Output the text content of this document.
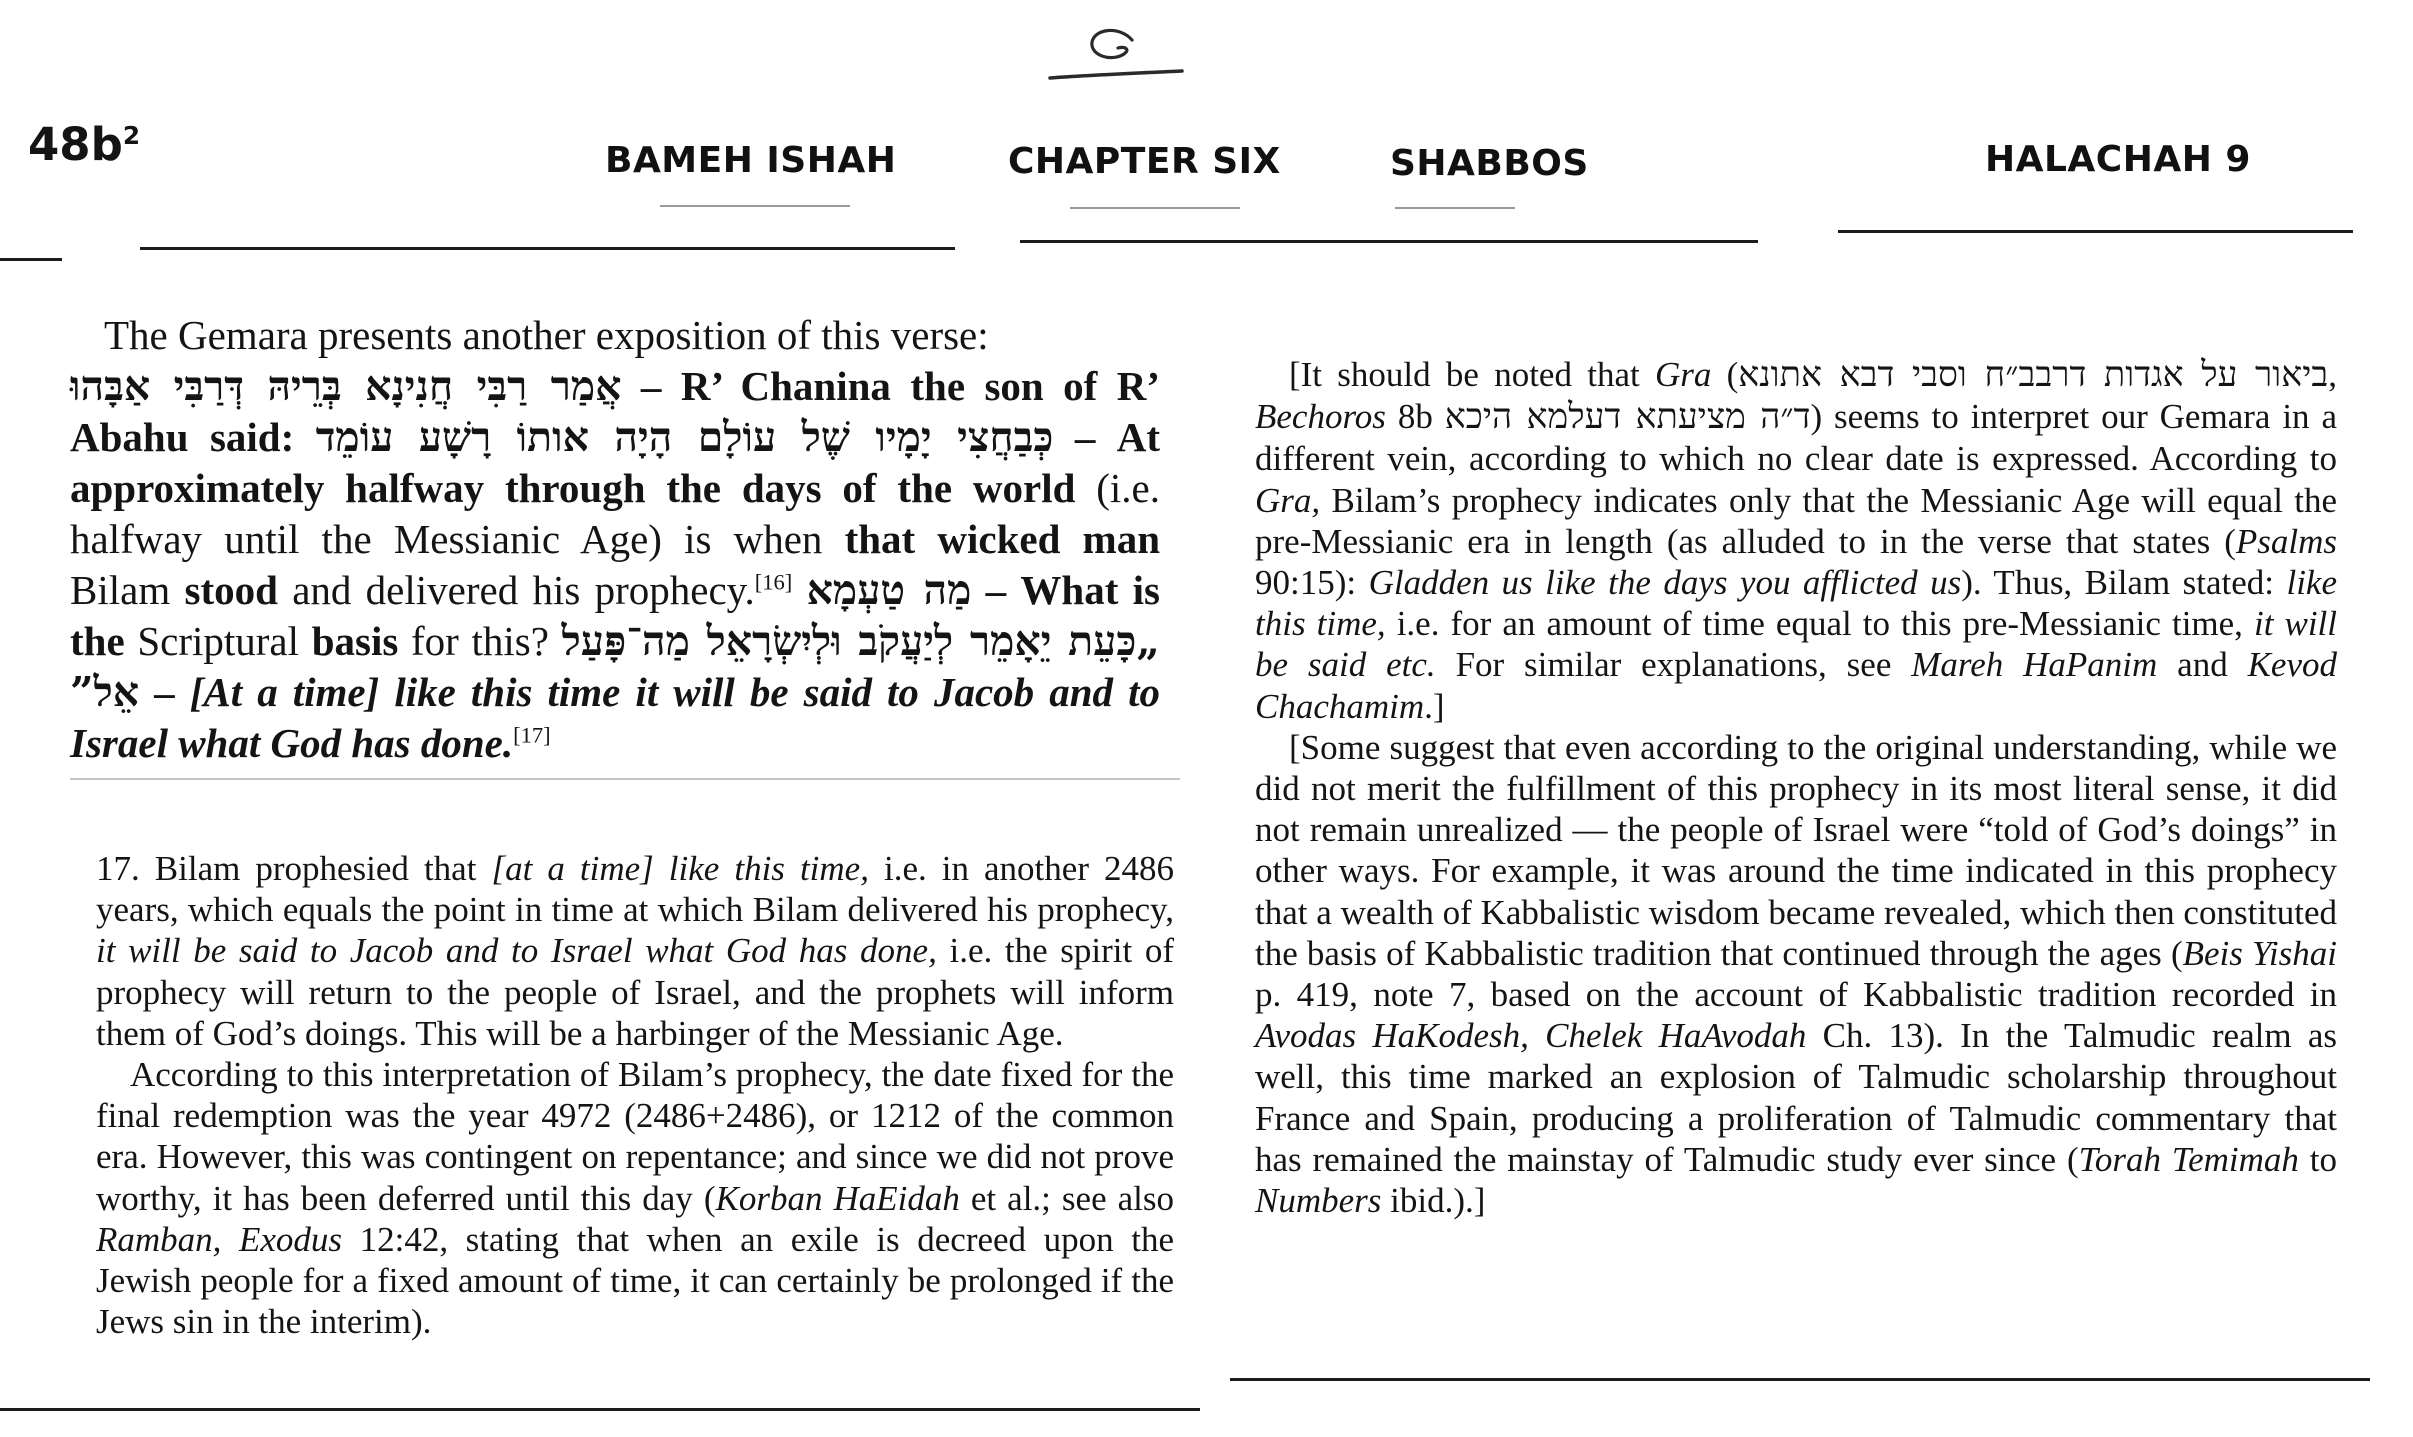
G
$48b^2$
BAMEH ISHAH	CHAPTER SIX	SHABBOS	HALACHAH 9

The Gemara presents another exposition of this verse:

אֲמַר רַבִּי חֲנִינָא בְּרֵיהּ דְּרַבִּי אַבָּהוּ – R’ Chanina the son of R’ Abahu said: כְּבַחֲצִי יָמָיו שֶׁל עוֹלָם הָיָה אותוֹ רָשָׁע עוֹמֵד – At approximately halfway through the days of the world (i.e. halfway until the Messianic Age) is when that wicked man Bilam stood and delivered his prophecy.[16] מַה טַעְמָא – What is the Scriptural basis for this? „כָּעֵת יֵאָמֵר לְיַעֲקֹב וּלְיִשְׂרָאֵל מַה־פָּעַל אֵל” – [At a time] like this time it will be said to Jacob and to Israel what God has done.[17]

17. Bilam prophesied that [at a time] like this time, i.e. in another 2486 years, which equals the point in time at which Bilam delivered his prophecy, it will be said to Jacob and to Israel what God has done, i.e. the spirit of prophecy will return to the people of Israel, and the prophets will inform them of God’s doings. This will be a harbinger of the Messianic Age.

According to this interpretation of Bilam’s prophecy, the date fixed for the final redemption was the year 4972 (2486+2486), or 1212 of the common era. However, this was contingent on repentance; and since we did not prove worthy, it has been deferred until this day (Korban HaEidah et al.; see also Ramban, Exodus 12:42, stating that when an exile is decreed upon the Jewish people for a fixed amount of time, it can certainly be prolonged if the Jews sin in the interim).

[It should be noted that Gra (ביאור על אגדות דרבב״ח וסבי דבא אתונא, Bechoros 8b ד״ה מציעתא דעלמא היכא) seems to interpret our Gemara in a different vein, according to which no clear date is expressed. According to Gra, Bilam’s prophecy indicates only that the Messianic Age will equal the pre-Messianic era in length (as alluded to in the verse that states (Psalms 90:15): Gladden us like the days you afflicted us). Thus, Bilam stated: like this time, i.e. for an amount of time equal to this pre-Messianic time, it will be said etc. For similar explanations, see Mareh HaPanim and Kevod Chachamim.]

[Some suggest that even according to the original understanding, while we did not merit the fulfillment of this prophecy in its most literal sense, it did not remain unrealized — the people of Israel were “told of God’s doings” in other ways. For example, it was around the time indicated in this prophecy that a wealth of Kabbalistic wisdom became revealed, which then constituted the basis of Kabbalistic tradition that continued through the ages (Beis Yishai p. 419, note 7, based on the account of Kabbalistic tradition recorded in Avodas HaKodesh, Chelek HaAvodah Ch. 13). In the Talmudic realm as well, this time marked an explosion of Talmudic scholarship throughout France and Spain, producing a proliferation of Talmudic commentary that has remained the mainstay of Talmudic study ever since (Torah Temimah to Numbers ibid.).]
